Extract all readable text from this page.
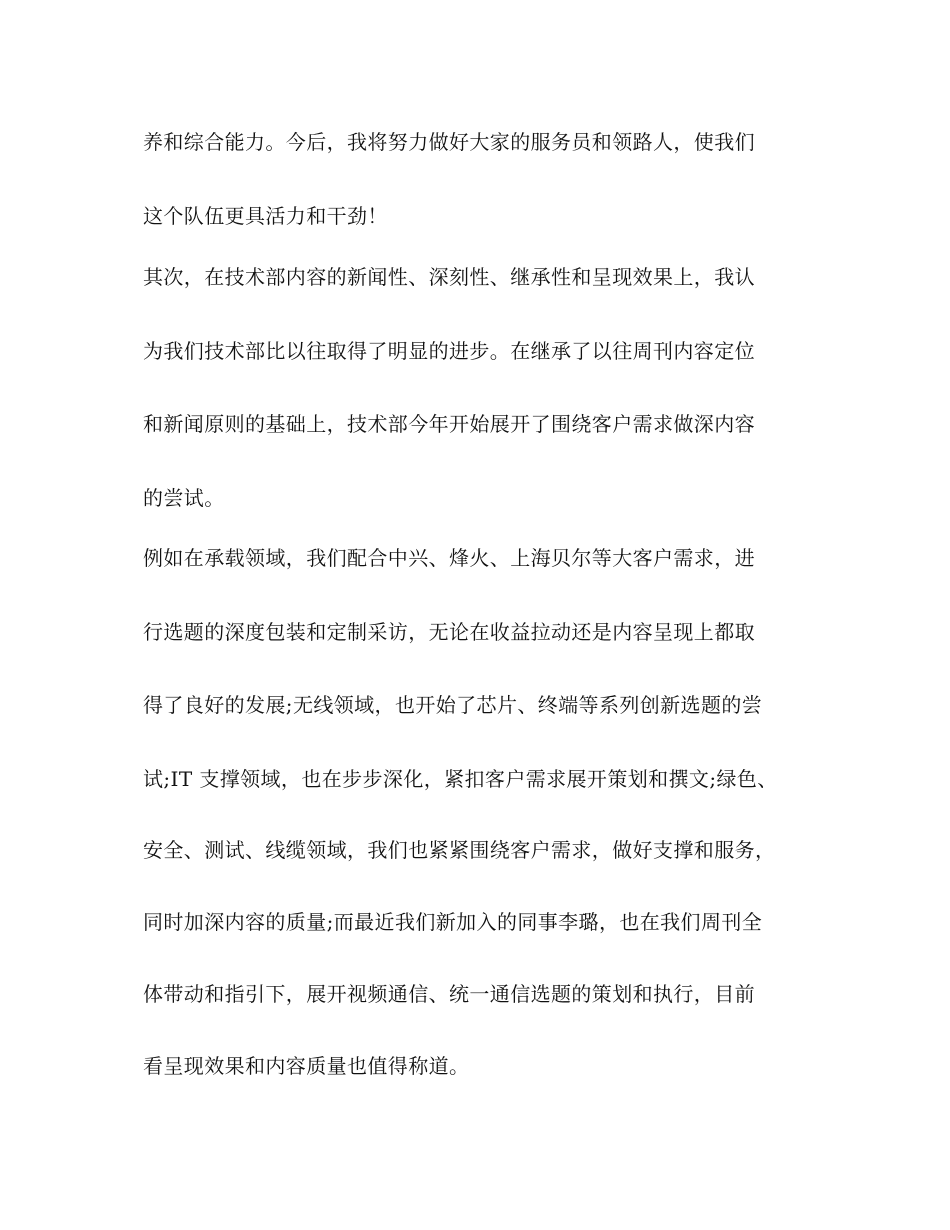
养和综合能力。今后，我将努力做好大家的服务员和领路人，使我们

这个队伍更具活力和干劲！

其次，在技术部内容的新闻性、深刻性、继承性和呈现效果上，我认

为我们技术部比以往取得了明显的进步。在继承了以往周刊内容定位

和新闻原则的基础上，技术部今年开始展开了围绕客户需求做深内容

的尝试。

例如在承载领域，我们配合中兴、烽火、上海贝尔等大客户需求，进

行选题的深度包装和定制采访，无论在收益拉动还是内容呈现上都取

得了良好的发展;无线领域，也开始了芯片、终端等系列创新选题的尝

试;IT 支撑领域，也在步步深化，紧扣客户需求展开策划和撰文;绿色、

安全、测试、线缆领域，我们也紧紧围绕客户需求，做好支撑和服务，

同时加深内容的质量;而最近我们新加入的同事李璐，也在我们周刊全

体带动和指引下，展开视频通信、统一通信选题的策划和执行，目前

看呈现效果和内容质量也值得称道。
